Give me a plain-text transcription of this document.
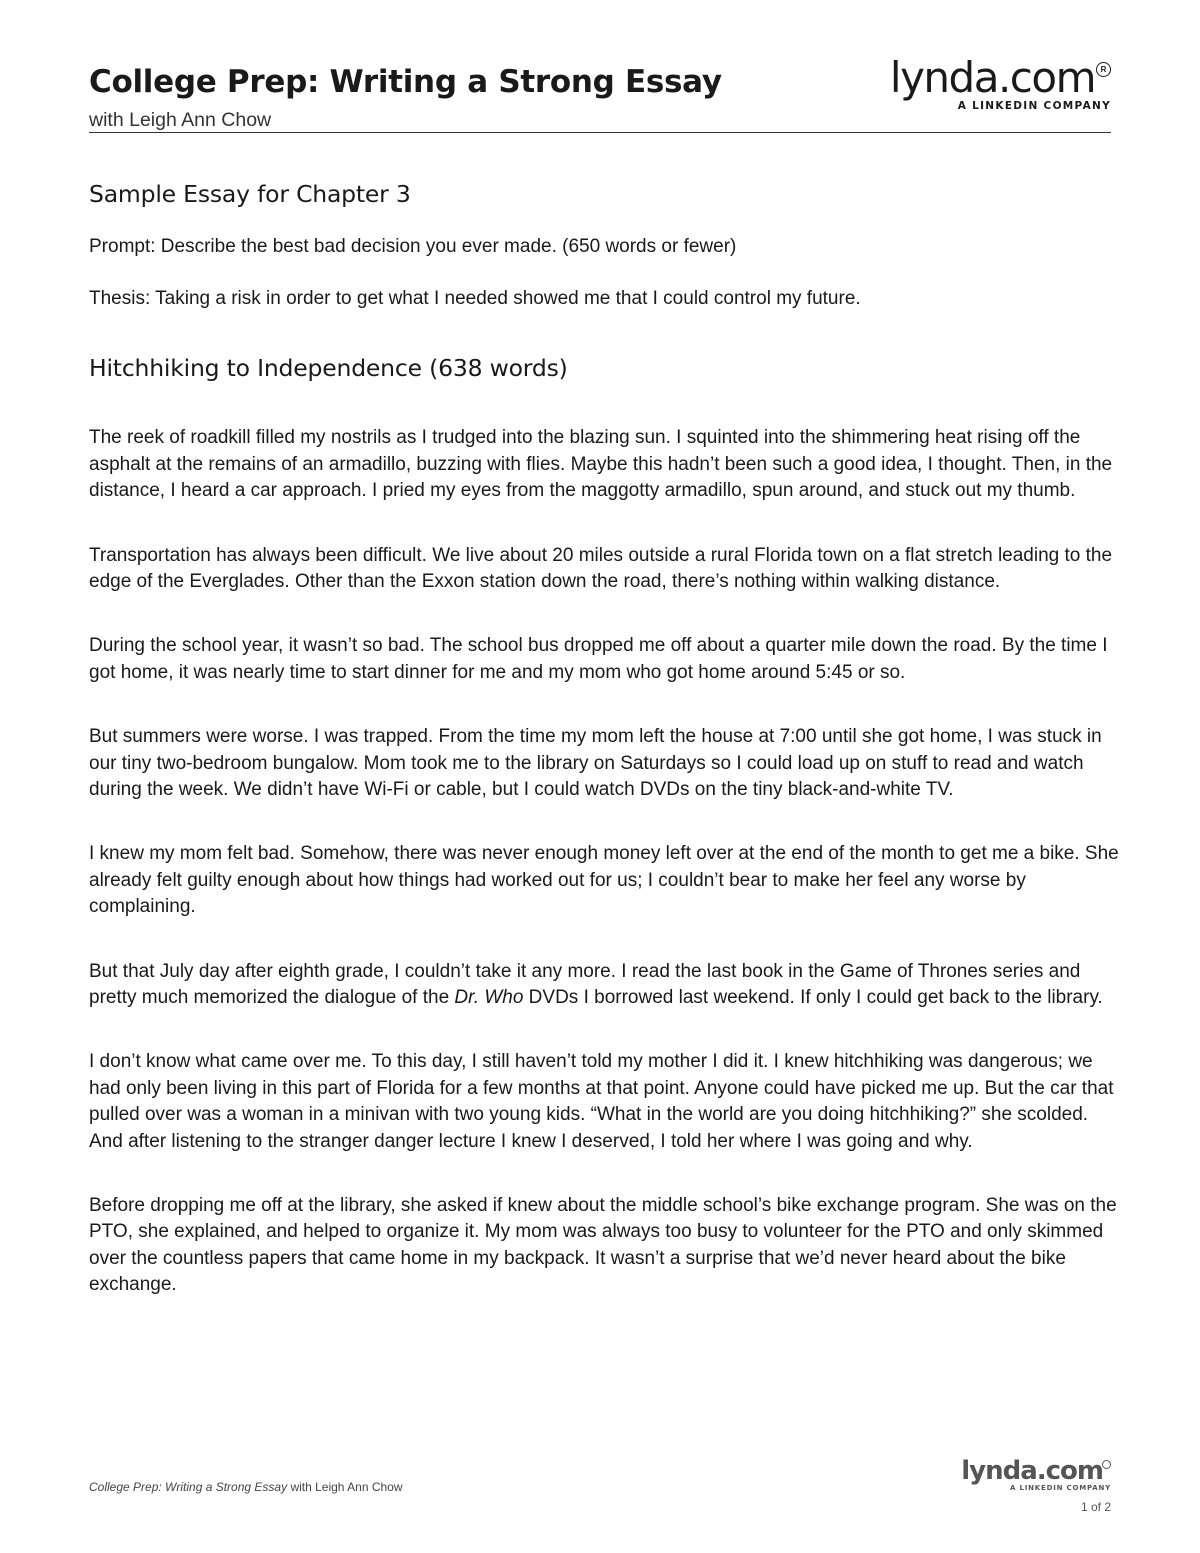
College Prep: Writing a Strong Essay
with Leigh Ann Chow
lynda.com R
A LINKEDIN COMPANY
Sample Essay for Chapter 3

Prompt: Describe the best bad decision you ever made. (650 words or fewer)

Thesis: Taking a risk in order to get what I needed showed me that I could control my future.

Hitchhiking to Independence (638 words)

The reek of roadkill filled my nostrils as I trudged into the blazing sun. I squinted into the shimmering heat rising off the asphalt at the remains of an armadillo, buzzing with flies. Maybe this hadn’t been such a good idea, I thought. Then, in the distance, I heard a car approach. I pried my eyes from the maggotty armadillo, spun around, and stuck out my thumb.

Transportation has always been difficult. We live about 20 miles outside a rural Florida town on a flat stretch leading to the edge of the Everglades. Other than the Exxon station down the road, there’s nothing within walking distance.

During the school year, it wasn’t so bad. The school bus dropped me off about a quarter mile down the road. By the time I got home, it was nearly time to start dinner for me and my mom who got home around 5:45 or so.

But summers were worse. I was trapped. From the time my mom left the house at 7:00 until she got home, I was stuck in our tiny two-bedroom bungalow. Mom took me to the library on Saturdays so I could load up on stuff to read and watch during the week. We didn’t have Wi-Fi or cable, but I could watch DVDs on the tiny black-and-white TV.

I knew my mom felt bad. Somehow, there was never enough money left over at the end of the month to get me a bike. She already felt guilty enough about how things had worked out for us; I couldn’t bear to make her feel any worse by complaining.

But that July day after eighth grade, I couldn’t take it any more. I read the last book in the Game of Thrones series and pretty much memorized the dialogue of the Dr. Who DVDs I borrowed last weekend. If only I could get back to the library.

I don’t know what came over me. To this day, I still haven’t told my mother I did it. I knew hitchhiking was dangerous; we had only been living in this part of Florida for a few months at that point. Anyone could have picked me up. But the car that pulled over was a woman in a minivan with two young kids. “What in the world are you doing hitchhiking?” she scolded. And after listening to the stranger danger lecture I knew I deserved, I told her where I was going and why.

Before dropping me off at the library, she asked if knew about the middle school’s bike exchange program. She was on the PTO, she explained, and helped to organize it. My mom was always too busy to volunteer for the PTO and only skimmed over the countless papers that came home in my backpack. It wasn’t a surprise that we’d never heard about the bike exchange.

College Prep: Writing a Strong Essay with Leigh Ann Chow
lynda.com
A LINKEDIN COMPANY
1 of 2
